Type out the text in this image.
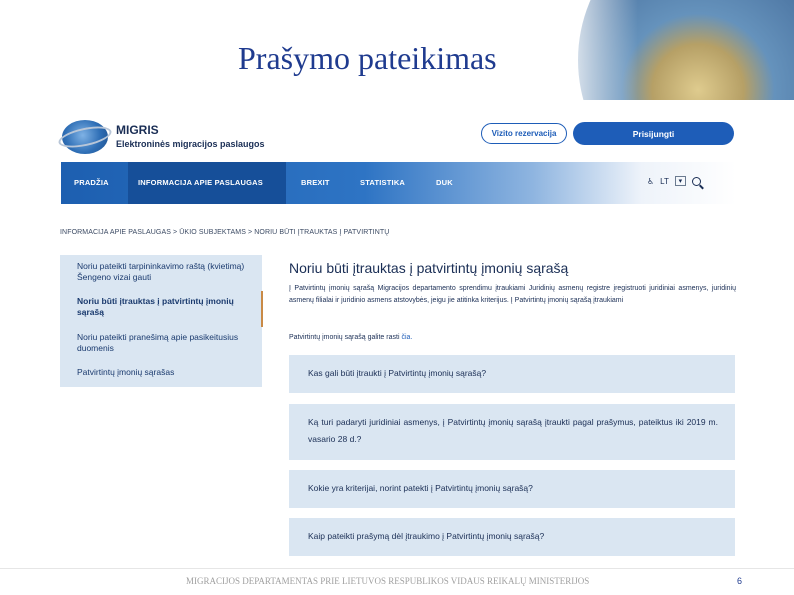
Prašymo pateikimas
MIGRIS
Elektroninės migracijos paslaugos
Vizito rezervacija	Prisijungti
PRADŽIA	INFORMACIJA APIE PASLAUGAS	BREXIT	STATISTIKA	DUK	♿ LT	▾
INFORMACIJA APIE PASLAUGAS > ŪKIO SUBJEKTAMS > NORIU BŪTI ĮTRAUKTAS Į PATVIRTINTŲ
Noriu pateikti tarpininkavimo raštą (kvietimą) Šengeno vizai gauti
Noriu būti įtrauktas į patvirtintų įmonių sąrašą
Noriu pateikti pranešimą apie pasikeitusius duomenis
Patvirtintų įmonių sąrašas
Noriu būti įtrauktas į patvirtintų įmonių sąrašą
Į Patvirtintų įmonių sąrašą Migracijos departamento sprendimu įtraukiami Juridinių asmenų registre įregistruoti juridiniai asmenys, juridinių asmenų filialai ir juridinio asmens atstovybės, jeigu jie atitinka kriterijus. Į Patvirtintų įmonių sąrašą įtraukiami
Patvirtintų įmonių sąrašą galite rasti čia.
Kas gali būti įtraukti į Patvirtintų įmonių sąrašą?
Ką turi padaryti juridiniai asmenys, į Patvirtintų įmonių sąrašą įtraukti pagal prašymus, pateiktus iki 2019 m. vasario 28 d.?
Kokie yra kriterijai, norint patekti į Patvirtintų įmonių sąrašą?
Kaip pateikti prašymą dėl įtraukimo į Patvirtintų įmonių sąrašą?
MIGRACIJOS DEPARTAMENTAS PRIE LIETUVOS RESPUBLIKOS VIDAUS REIKALŲ MINISTERIJOS	6
